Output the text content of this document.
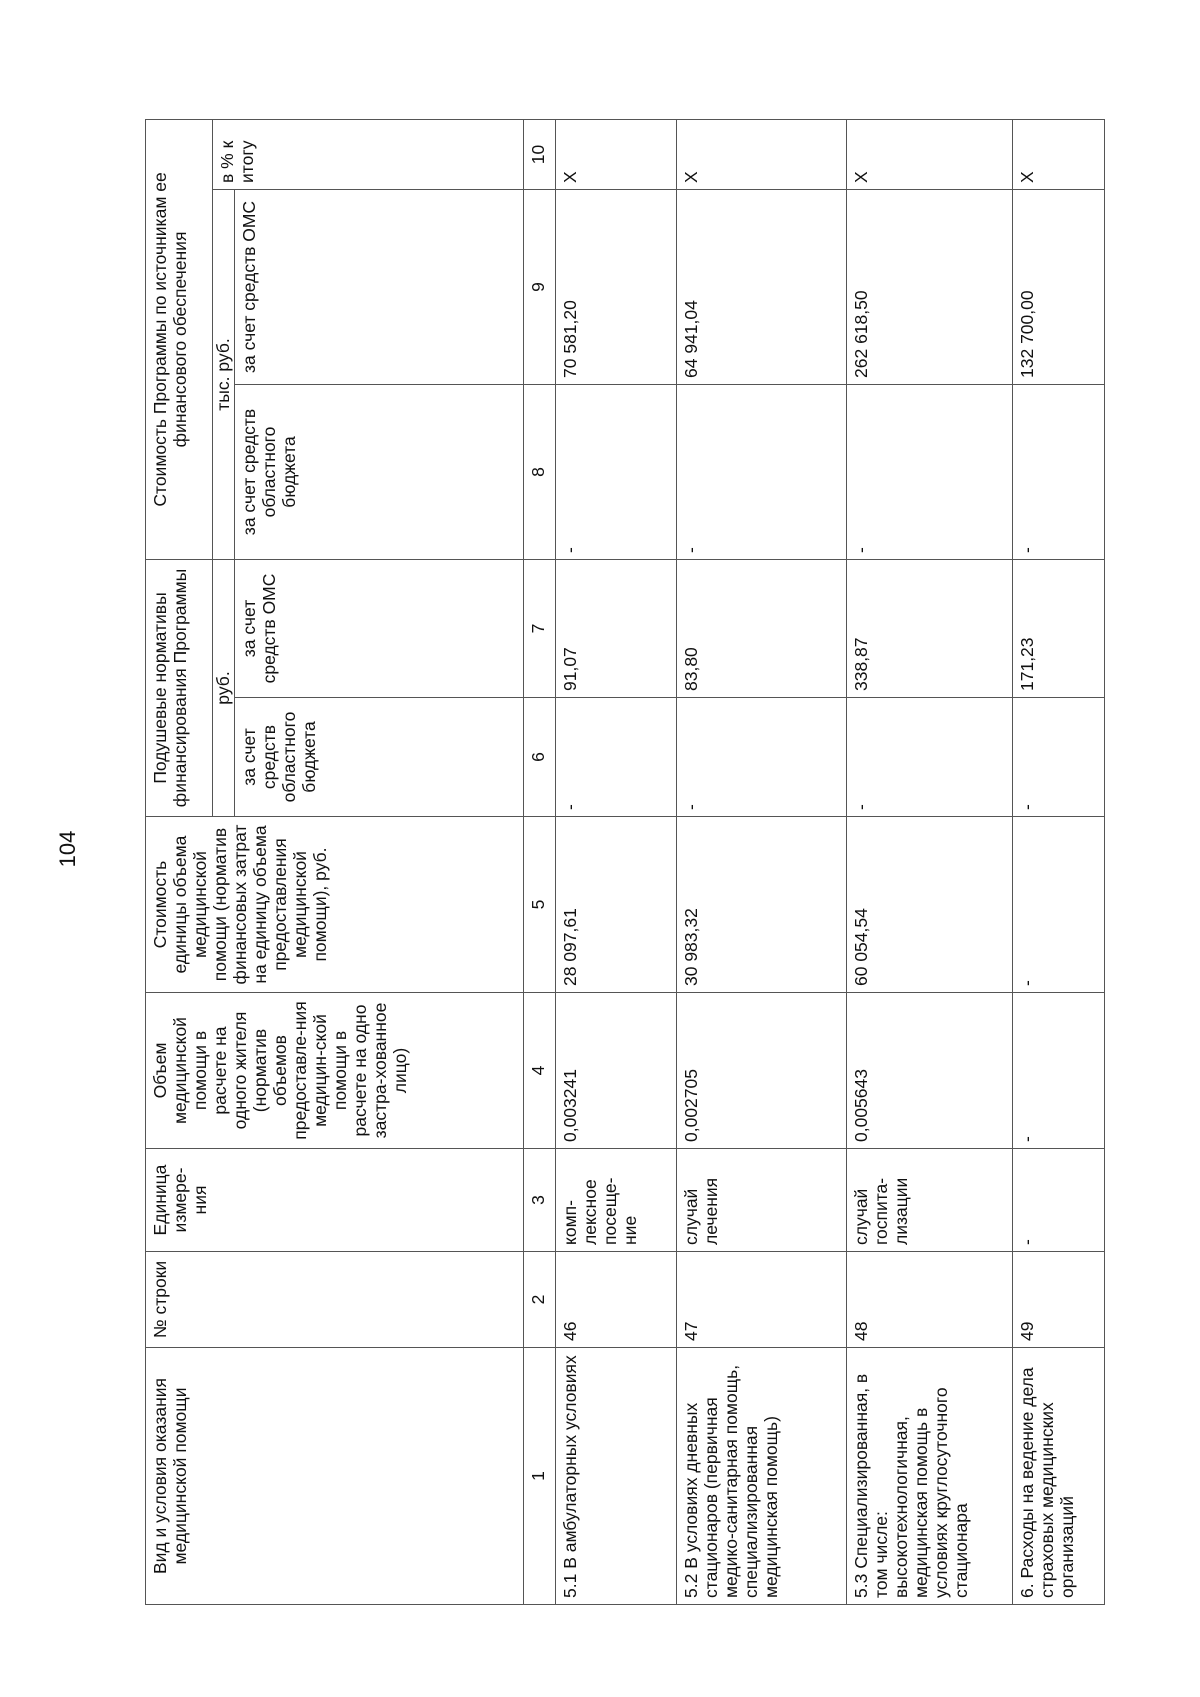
104
Вид и условия оказания медицинской помощи	№ строки	Единица измере-ния	Объем медицинской помощи в расчете на одного жителя (норматив объемов предоставле-ния медицин-ской помощи в расчете на одно застра-хованное лицо)	Стоимость единицы объема медицинской помощи (норматив финансовых затрат на единицу объема предоставления медицинской помощи), руб.	Подушевые нормативы финансирования Программы		Стоимость Программы по источникам ее финансового обеспечения		
					руб.		тыс. руб.		в % к итогу
					за счет средств областного бюджета	за счет средств ОМС	за счет средств областного бюджета	за счет средств ОМС	
1	2	3	4	5	6	7	8	9	10
5.1 В амбулаторных условиях	46	комп-лексное посеще-ние	0,003241	28 097,61	-	91,07	-	70 581,20	X
5.2 В условиях дневных стационаров (первичная медико-санитарная помощь, специализированная медицинская помощь)	47	случай лечения	0,002705	30 983,32	-	83,80	-	64 941,04	X
5.3 Специализированная, в том числе: высокотехнологичная, медицинская помощь в условиях круглосуточного стационара	48	случай госпита-лизации	0,005643	60 054,54	-	338,87	-	262 618,50	X
6. Расходы на ведение дела страховых медицинских организаций	49	-	-	-	-	171,23	-	132 700,00	X
